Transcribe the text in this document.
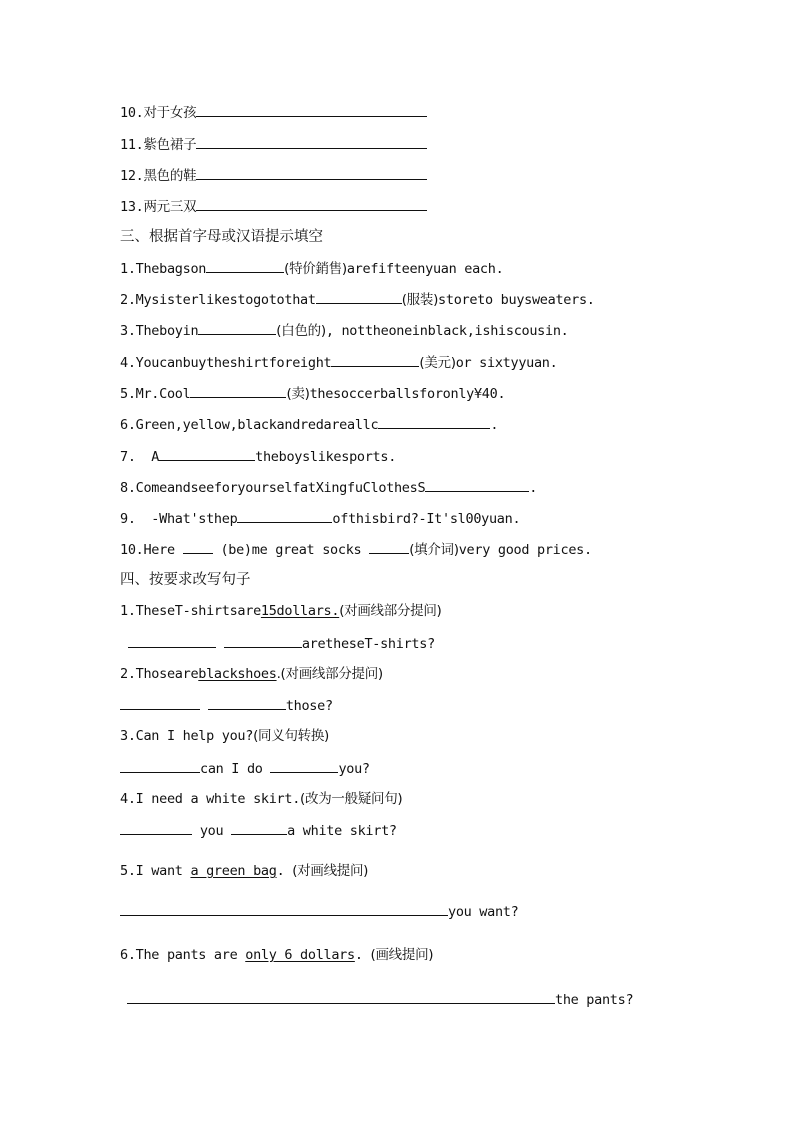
10.对于女孩
11.紫色裙子
12.黑色的鞋
13.两元三双
三、根据首字母或汉语提示填空
1.Thebagson	(特价銷售)arefifteenyuan each.
2.Mysisterlikestogotothat	(服装)storeto buysweaters.
3.Theboyin	(白色的), nottheoneinblack,ishiscousin.
4.Youcanbuytheshirtforeight	(美元)or sixtyyuan.
5.Mr.Cool	(卖)thesoccerballsforonly¥40.
6.Green,yellow,blackandredareallc	.
7.  A	theboyslikesports.
8.ComeandseeforyourselfatXingfuClothesS	.
9.  -What'sthep	ofthisbird?-It'sl00yuan.
10.Here  (be)me great socks	(填介词)very good prices.
四、按要求改写句子
1.TheseT-shirtsare15dollars.(对画线部分提问)
aretheseT-shirts?
2.Thoseareblackshoes.(对画线部分提问)
those?
3.Can I help you?(同义句转换)
can I do	you?
4.I need a white skirt.(改为一般疑问句)
you	a white skirt?
5.I want a green bag. (对画线提问)
you want?
6.The pants are only 6 dollars. (画线提问)
the pants?
